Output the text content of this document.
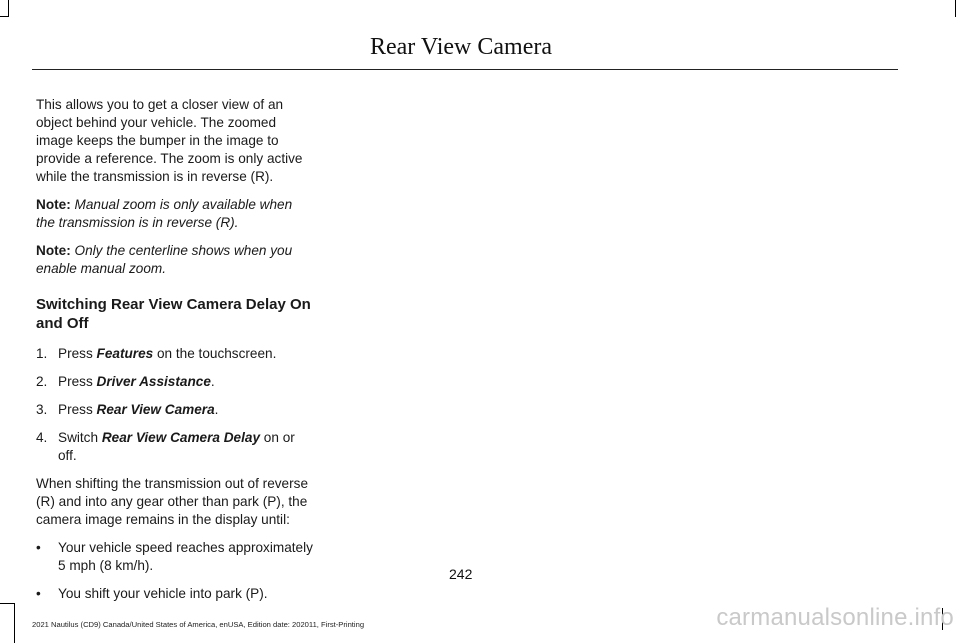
Rear View Camera

This allows you to get a closer view of an object behind your vehicle. The zoomed image keeps the bumper in the image to provide a reference. The zoom is only active while the transmission is in reverse (R).

Note: Manual zoom is only available when the transmission is in reverse (R).

Note: Only the centerline shows when you enable manual zoom.

Switching Rear View Camera Delay On and Off
1. Press Features on the touchscreen.
2. Press Driver Assistance.
3. Press Rear View Camera.
4. Switch Rear View Camera Delay on or off.

When shifting the transmission out of reverse (R) and into any gear other than park (P), the camera image remains in the display until:

• Your vehicle speed reaches approximately 5 mph (8 km/h).
• You shift your vehicle into park (P).
242
2021 Nautilus (CD9) Canada/United States of America, enUSA, Edition date: 202011, First-Printing	carmanualsonline.info
